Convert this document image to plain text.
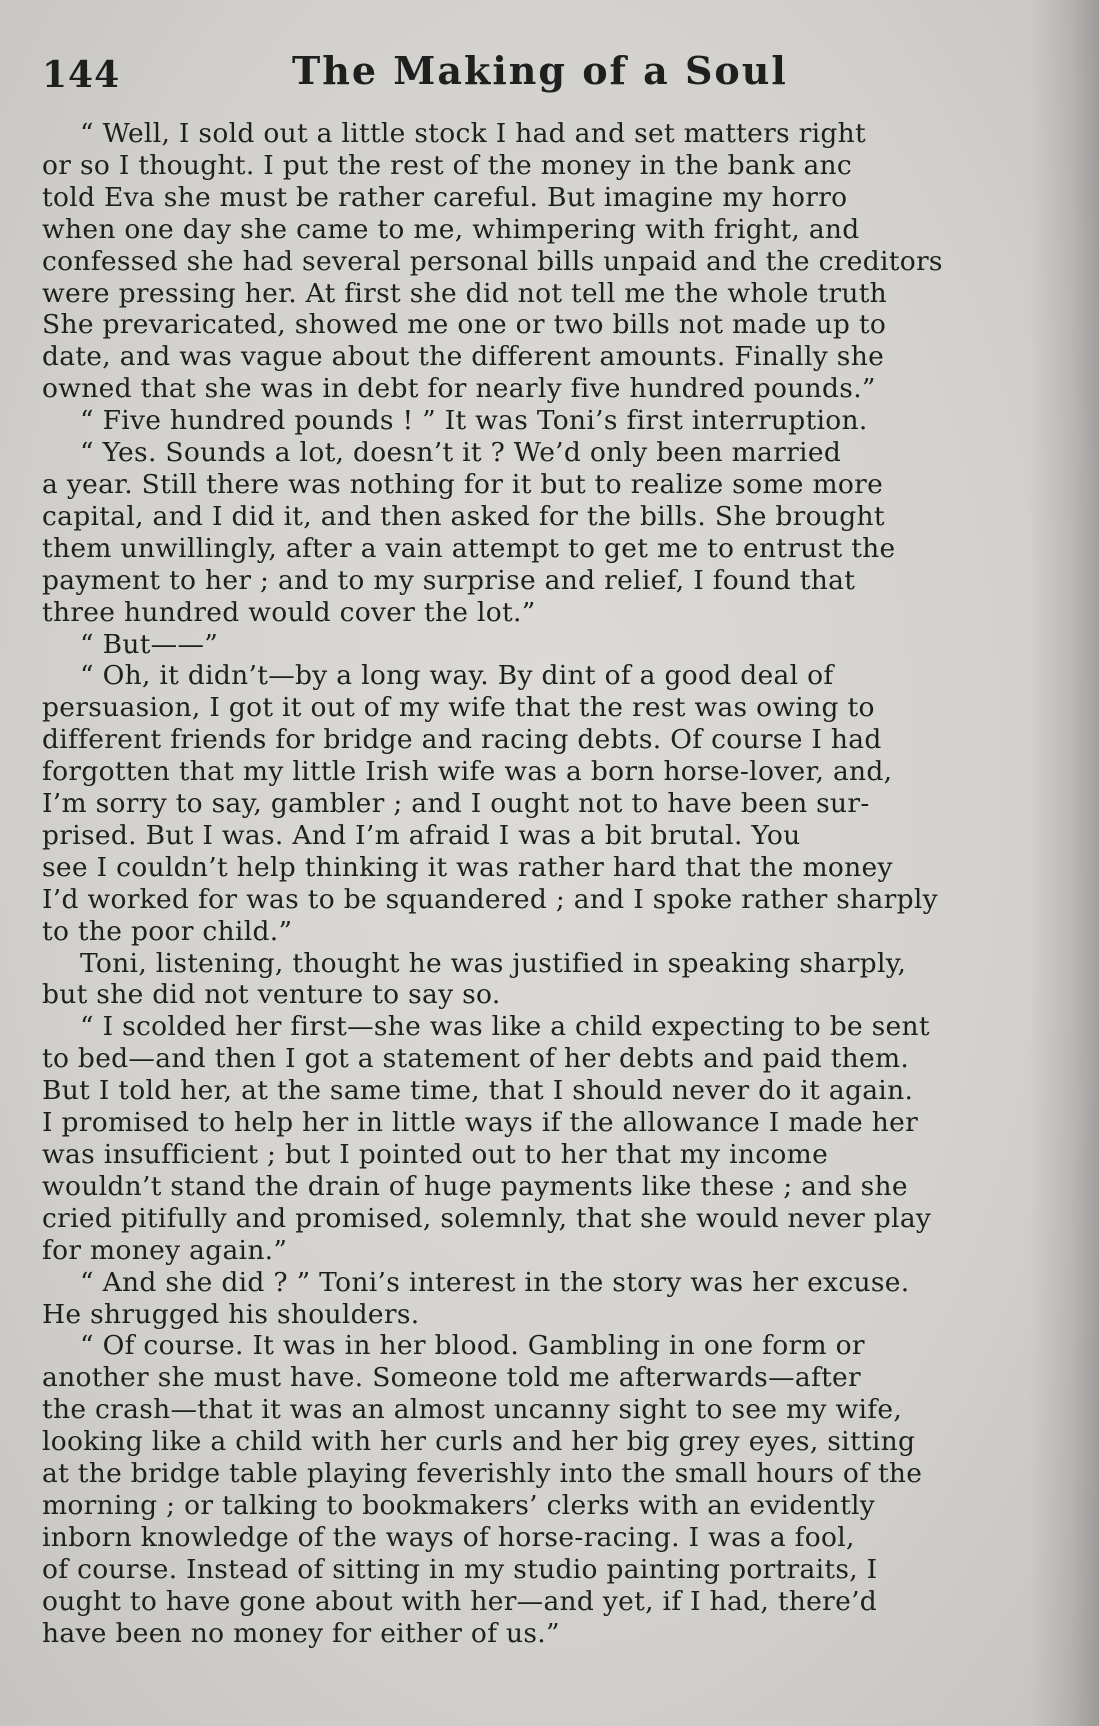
144	The Making of a Soul
“ Well, I sold out a little stock I had and set matters right
or so I thought. I put the rest of the money in the bank anc
told Eva she must be rather careful. But imagine my horro
when one day she came to me, whimpering with fright, and
confessed she had several personal bills unpaid and the creditors
were pressing her. At first she did not tell me the whole truth
She prevaricated, showed me one or two bills not made up to
date, and was vague about the different amounts. Finally she
owned that she was in debt for nearly five hundred pounds.”
“ Five hundred pounds ! ” It was Toni’s first interruption.
“ Yes. Sounds a lot, doesn’t it ? We’d only been married
a year. Still there was nothing for it but to realize some more
capital, and I did it, and then asked for the bills. She brought
them unwillingly, after a vain attempt to get me to entrust the
payment to her ; and to my surprise and relief, I found that
three hundred would cover the lot.”
“ But——”
“ Oh, it didn’t—by a long way. By dint of a good deal of
persuasion, I got it out of my wife that the rest was owing to
different friends for bridge and racing debts. Of course I had
forgotten that my little Irish wife was a born horse-lover, and,
I’m sorry to say, gambler ; and I ought not to have been sur-
prised. But I was. And I’m afraid I was a bit brutal. You
see I couldn’t help thinking it was rather hard that the money
I’d worked for was to be squandered ; and I spoke rather sharply
to the poor child.”
Toni, listening, thought he was justified in speaking sharply,
but she did not venture to say so.
“ I scolded her first—she was like a child expecting to be sent
to bed—and then I got a statement of her debts and paid them.
But I told her, at the same time, that I should never do it again.
I promised to help her in little ways if the allowance I made her
was insufficient ; but I pointed out to her that my income
wouldn’t stand the drain of huge payments like these ; and she
cried pitifully and promised, solemnly, that she would never play
for money again.”
“ And she did ? ” Toni’s interest in the story was her excuse.
He shrugged his shoulders.
“ Of course. It was in her blood. Gambling in one form or
another she must have. Someone told me afterwards—after
the crash—that it was an almost uncanny sight to see my wife,
looking like a child with her curls and her big grey eyes, sitting
at the bridge table playing feverishly into the small hours of the
morning ; or talking to bookmakers’ clerks with an evidently
inborn knowledge of the ways of horse-racing. I was a fool,
of course. Instead of sitting in my studio painting portraits, I
ought to have gone about with her—and yet, if I had, there’d
have been no money for either of us.”
